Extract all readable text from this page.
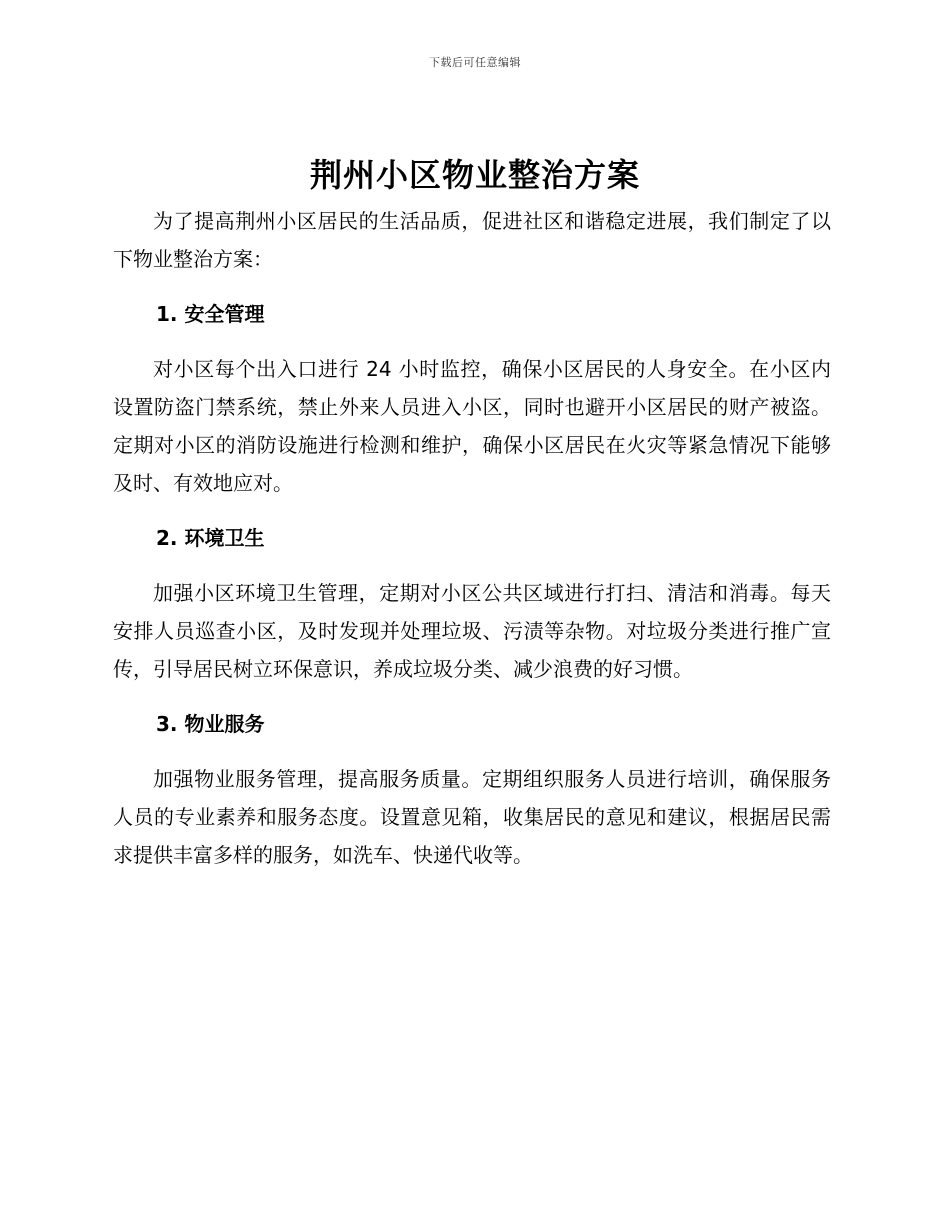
下载后可任意编辑
荆州小区物业整治方案

为了提高荆州小区居民的生活品质，促进社区和谐稳定进展，我们制定了以下物业整治方案：

1. 安全管理

对小区每个出入口进行 24 小时监控，确保小区居民的人身安全。在小区内设置防盗门禁系统，禁止外来人员进入小区，同时也避开小区居民的财产被盗。定期对小区的消防设施进行检测和维护，确保小区居民在火灾等紧急情况下能够及时、有效地应对。

2. 环境卫生

加强小区环境卫生管理，定期对小区公共区域进行打扫、清洁和消毒。每天安排人员巡查小区，及时发现并处理垃圾、污渍等杂物。对垃圾分类进行推广宣传，引导居民树立环保意识，养成垃圾分类、减少浪费的好习惯。

3. 物业服务

加强物业服务管理，提高服务质量。定期组织服务人员进行培训，确保服务人员的专业素养和服务态度。设置意见箱，收集居民的意见和建议，根据居民需求提供丰富多样的服务，如洗车、快递代收等。
